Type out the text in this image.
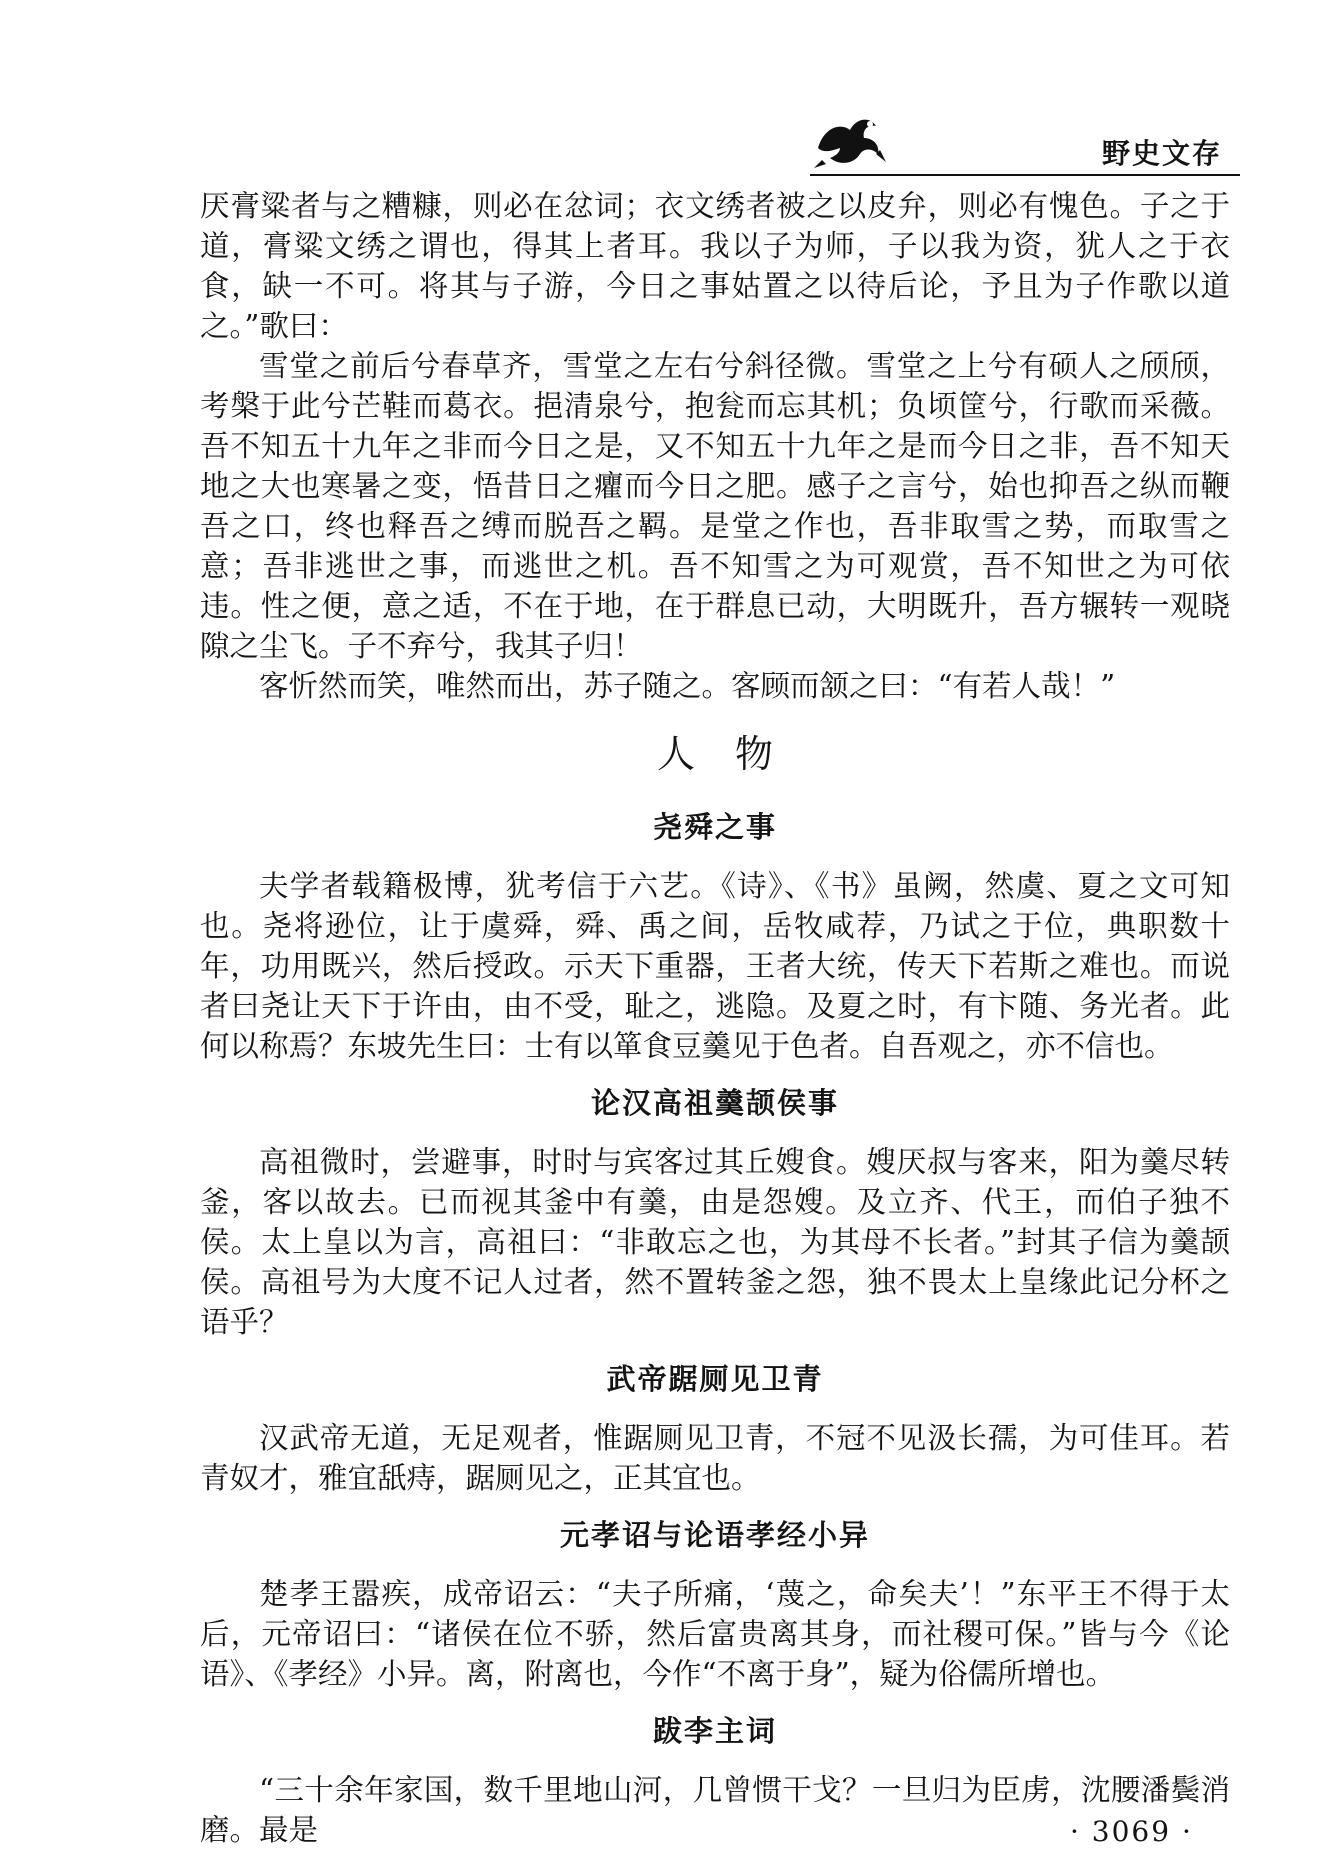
野史文存

厌膏粱者与之糟糠，则必在忿词；衣文绣者被之以皮弁，则必有愧色。子之于道，膏粱文绣之谓也，得其上者耳。我以子为师，子以我为资，犹人之于衣食，缺一不可。将其与子游，今日之事姑置之以待后论，予且为子作歌以道之。”歌曰：

雪堂之前后兮春草齐，雪堂之左右兮斜径微。雪堂之上兮有硕人之颀颀，考槃于此兮芒鞋而葛衣。挹清泉兮，抱瓮而忘其机；负顷筐兮，行歌而采薇。吾不知五十九年之非而今日之是，又不知五十九年之是而今日之非，吾不知天地之大也寒暑之变，悟昔日之癯而今日之肥。感子之言兮，始也抑吾之纵而鞭吾之口，终也释吾之缚而脱吾之羁。是堂之作也，吾非取雪之势，而取雪之意；吾非逃世之事，而逃世之机。吾不知雪之为可观赏，吾不知世之为可依违。性之便，意之适，不在于地，在于群息已动，大明既升，吾方辗转一观晓隙之尘飞。子不弃兮，我其子归！

客忻然而笑，唯然而出，苏子随之。客顾而颔之曰：“有若人哉！”

人物
尧舜之事

夫学者载籍极博，犹考信于六艺。《诗》、《书》虽阙，然虞、夏之文可知也。尧将逊位，让于虞舜，舜、禹之间，岳牧咸荐，乃试之于位，典职数十年，功用既兴，然后授政。示天下重器，王者大统，传天下若斯之难也。而说者曰尧让天下于许由，由不受，耻之，逃隐。及夏之时，有卞随、务光者。此何以称焉？东坡先生曰：士有以箪食豆羹见于色者。自吾观之，亦不信也。

论汉高祖羹颉侯事

高祖微时，尝避事，时时与宾客过其丘嫂食。嫂厌叔与客来，阳为羹尽转釜，客以故去。已而视其釜中有羹，由是怨嫂。及立齐、代王，而伯子独不侯。太上皇以为言，高祖曰：“非敢忘之也，为其母不长者。”封其子信为羹颉侯。高祖号为大度不记人过者，然不置转釜之怨，独不畏太上皇缘此记分杯之语乎？

武帝踞厕见卫青

汉武帝无道，无足观者，惟踞厕见卫青，不冠不见汲长孺，为可佳耳。若青奴才，雅宜舐痔，踞厕见之，正其宜也。

元孝诏与论语孝经小异

楚孝王嚣疾，成帝诏云：“夫子所痛，‘蔑之，命矣夫’！”东平王不得于太后，元帝诏曰：“诸侯在位不骄，然后富贵离其身，而社稷可保。”皆与今《论语》、《孝经》小异。离，附离也，今作“不离于身”，疑为俗儒所增也。

跋李主词

“三十余年家国，数千里地山河，几曾惯干戈？一旦归为臣虏，沈腰潘鬓消磨。最是	· 3069 ·
